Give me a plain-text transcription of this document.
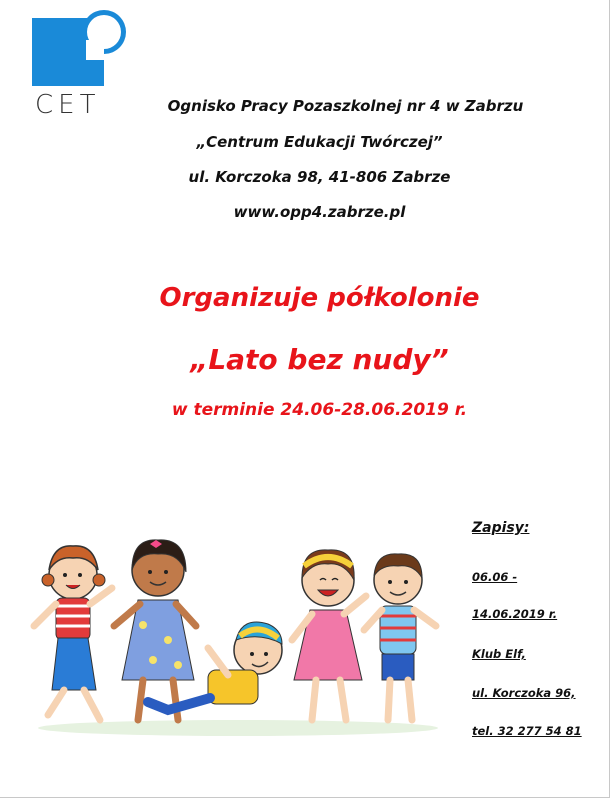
CET	Ognisko Pracy Pozaszkolnej nr 4 w Zabrzu
„Centrum Edukacji Twórczej”
ul. Korczoka 98, 41-806 Zabrze
www.opp4.zabrze.pl
Organizuje półkolonie
„Lato bez nudy”
w terminie 24.06-28.06.2019 r.
Zapisy:
06.06 -
14.06.2019 r.
Klub Elf,
ul. Korczoka 96,
tel. 32 277 54 81
